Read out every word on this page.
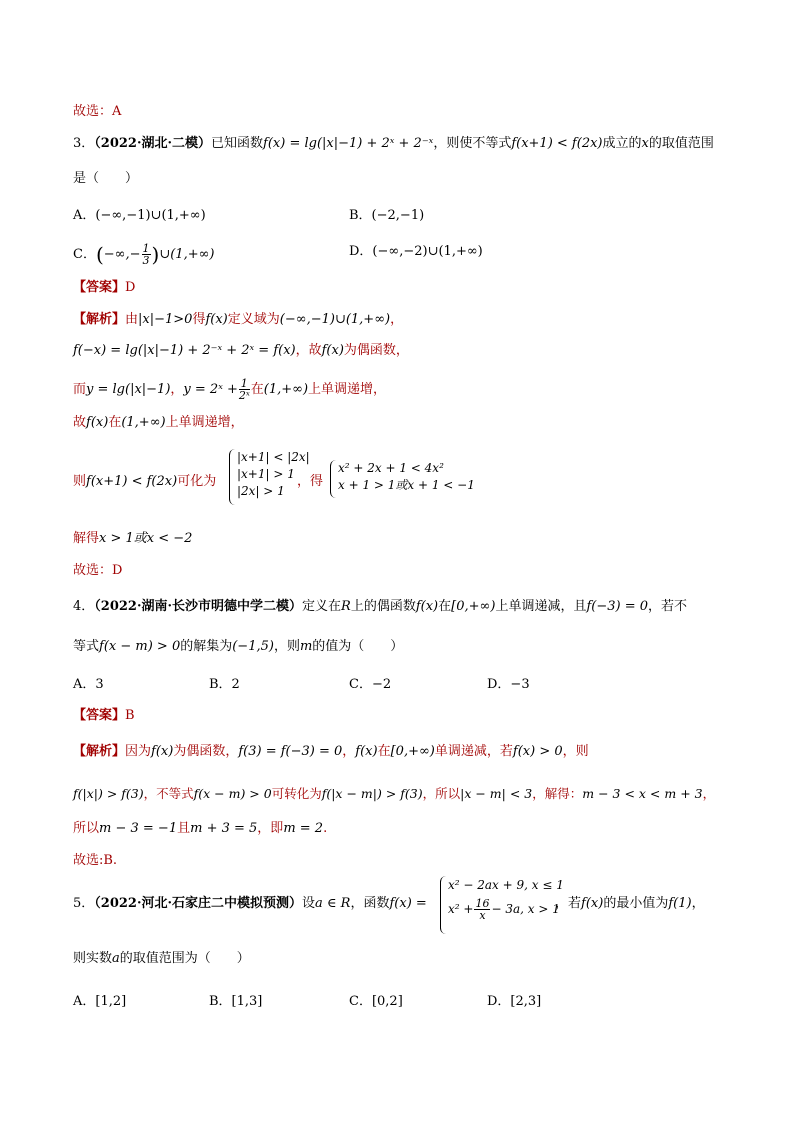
故选：A
3．（2022·湖北·二模）已知函数f(x) = lg(|x|−1) + 2ˣ + 2⁻ˣ，则使不等式f(x+1) < f(2x)成立的x的取值范围
是（　　）
A．(−∞,−1)∪(1,+∞)	B．(−2,−1)
C．(−∞,− $\frac{1}{3}$ )∪(1,+∞)	D．(−∞,−2)∪(1,+∞)
【答案】D
【解析】由|x|−1>0得f(x)定义域为(−∞,−1)∪(1,+∞)，
f(−x) = lg(|x|−1) + 2⁻ˣ + 2ˣ = f(x)，故f(x)为偶函数，
而y = lg(|x|−1)，y = 2ˣ + $\frac{1}{\text{2ˣ}}$ 在(1,+∞)上单调递增，
故f(x)在(1,+∞)上单调递增，
则f(x+1) < f(2x)可化为
|x+1| < |2x|
|x+1| > 1
|2x| > 1
，得
x² + 2x + 1 < 4x²
x + 1 > 1或x + 1 < −1
解得x > 1或x < −2
故选：D
4．（2022·湖南·长沙市明德中学二模）定义在R上的偶函数f(x)在[0,+∞)上单调递减，且f(−3) = 0，若不
等式f(x − m) > 0的解集为(−1,5)，则m的值为（　　）
A．3	B．2	C．−2	D．−3
【答案】B
【解析】因为f(x)为偶函数，f(3) = f(−3) = 0，f(x)在[0,+∞)单调递减，若f(x) > 0，则
f(|x|) > f(3)，不等式f(x − m) > 0可转化为f(|x − m|) > f(3)，所以|x − m| < 3，解得：m − 3 < x < m + 3，
所以m − 3 = −1且m + 3 = 5，即m = 2.
故选:B.
5．（2022·河北·石家庄二中模拟预测）设a ∈ R，函数f(x) =
x² − 2ax + 9, x ≤ 1
$x^2 + \frac{16}{x} - 3a$, x > 1
，若f(x)的最小值为f(1)，
则实数a的取值范围为（　　）
A．[1,2]	B．[1,3]	C．[0,2]	D．[2,3]
